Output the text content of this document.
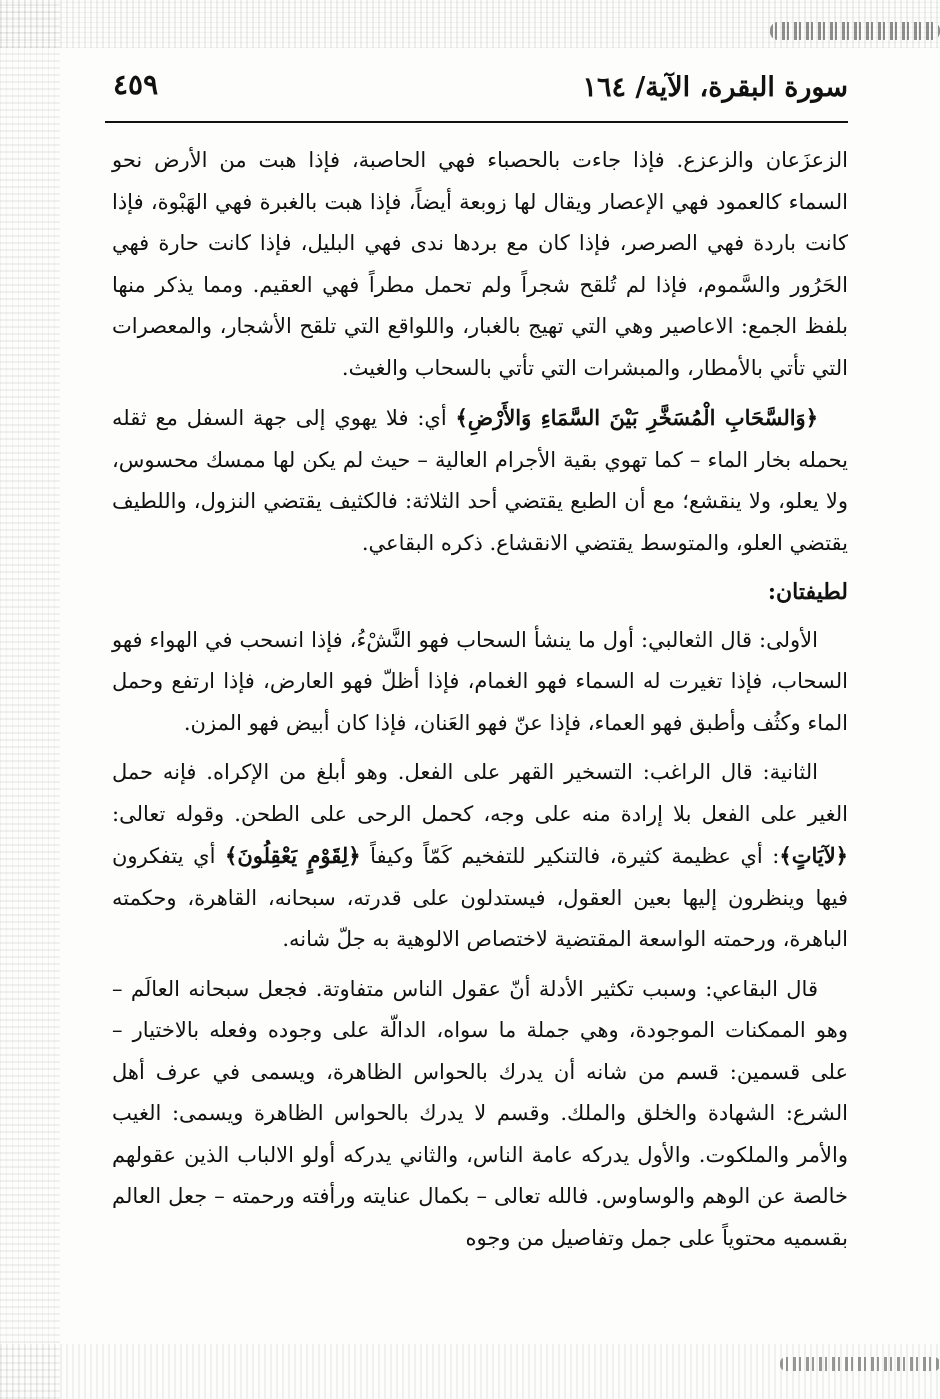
سورة البقرة، الآية/ ١٦٤
٤٥٩

الزعزَعان والزعزع. فإذا جاءت بالحصباء فهي الحاصبة، فإذا هبت من الأرض نحو السماء كالعمود فهي الإعصار ويقال لها زوبعة أيضاً، فإذا هبت بالغبرة فهي الهَبْوة، فإذا كانت باردة فهي الصرصر، فإذا كان مع بردها ندى فهي البليل، فإذا كانت حارة فهي الحَرُور والسَّموم، فإذا لم تُلقح شجراً ولم تحمل مطراً فهي العقيم. ومما يذكر منها بلفظ الجمع: الاعاصير وهي التي تهيج بالغبار، واللواقع التي تلقح الأشجار، والمعصرات التي تأتي بالأمطار، والمبشرات التي تأتي بالسحاب والغيث.

﴿وَالسَّحَابِ الْمُسَخَّرِ بَيْنَ السَّمَاءِ وَالأَرْضِ﴾ أي: فلا يهوي إلى جهة السفل مع ثقله يحمله بخار الماء – كما تهوي بقية الأجرام العالية – حيث لم يكن لها ممسك محسوس، ولا يعلو، ولا ينقشع؛ مع أن الطبع يقتضي أحد الثلاثة: فالكثيف يقتضي النزول، واللطيف يقتضي العلو، والمتوسط يقتضي الانقشاع. ذكره البقاعي.

لطيفتان:

الأولى: قال الثعالبي: أول ما ينشأ السحاب فهو النَّشْءُ، فإذا انسحب في الهواء فهو السحاب، فإذا تغيرت له السماء فهو الغمام، فإذا أظلّ فهو العارض، فإذا ارتفع وحمل الماء وكثُف وأطبق فهو العماء، فإذا عنّ فهو العَنان، فإذا كان أبيض فهو المزن.

الثانية: قال الراغب: التسخير القهر على الفعل. وهو أبلغ من الإكراه. فإنه حمل الغير على الفعل بلا إرادة منه على وجه، كحمل الرحى على الطحن. وقوله تعالى: ﴿لآيَاتٍ﴾: أي عظيمة كثيرة، فالتنكير للتفخيم كَمّاً وكيفاً ﴿لِقَوْمٍ يَعْقِلُونَ﴾ أي يتفكرون فيها وينظرون إليها بعين العقول، فيستدلون على قدرته، سبحانه، القاهرة، وحكمته الباهرة، ورحمته الواسعة المقتضية لاختصاص الالوهية به جلّ شانه.

قال البقاعي: وسبب تكثير الأدلة أنّ عقول الناس متفاوتة. فجعل سبحانه العالَم – وهو الممكنات الموجودة، وهي جملة ما سواه، الدالّة على وجوده وفعله بالاختيار – على قسمين: قسم من شانه أن يدرك بالحواس الظاهرة، ويسمى في عرف أهل الشرع: الشهادة والخلق والملك. وقسم لا يدرك بالحواس الظاهرة ويسمى: الغيب والأمر والملكوت. والأول يدركه عامة الناس، والثاني يدركه أولو الالباب الذين عقولهم خالصة عن الوهم والوساوس. فالله تعالى – بكمال عنايته ورأفته ورحمته – جعل العالم بقسميه محتوياً على جمل وتفاصيل من وجوه
